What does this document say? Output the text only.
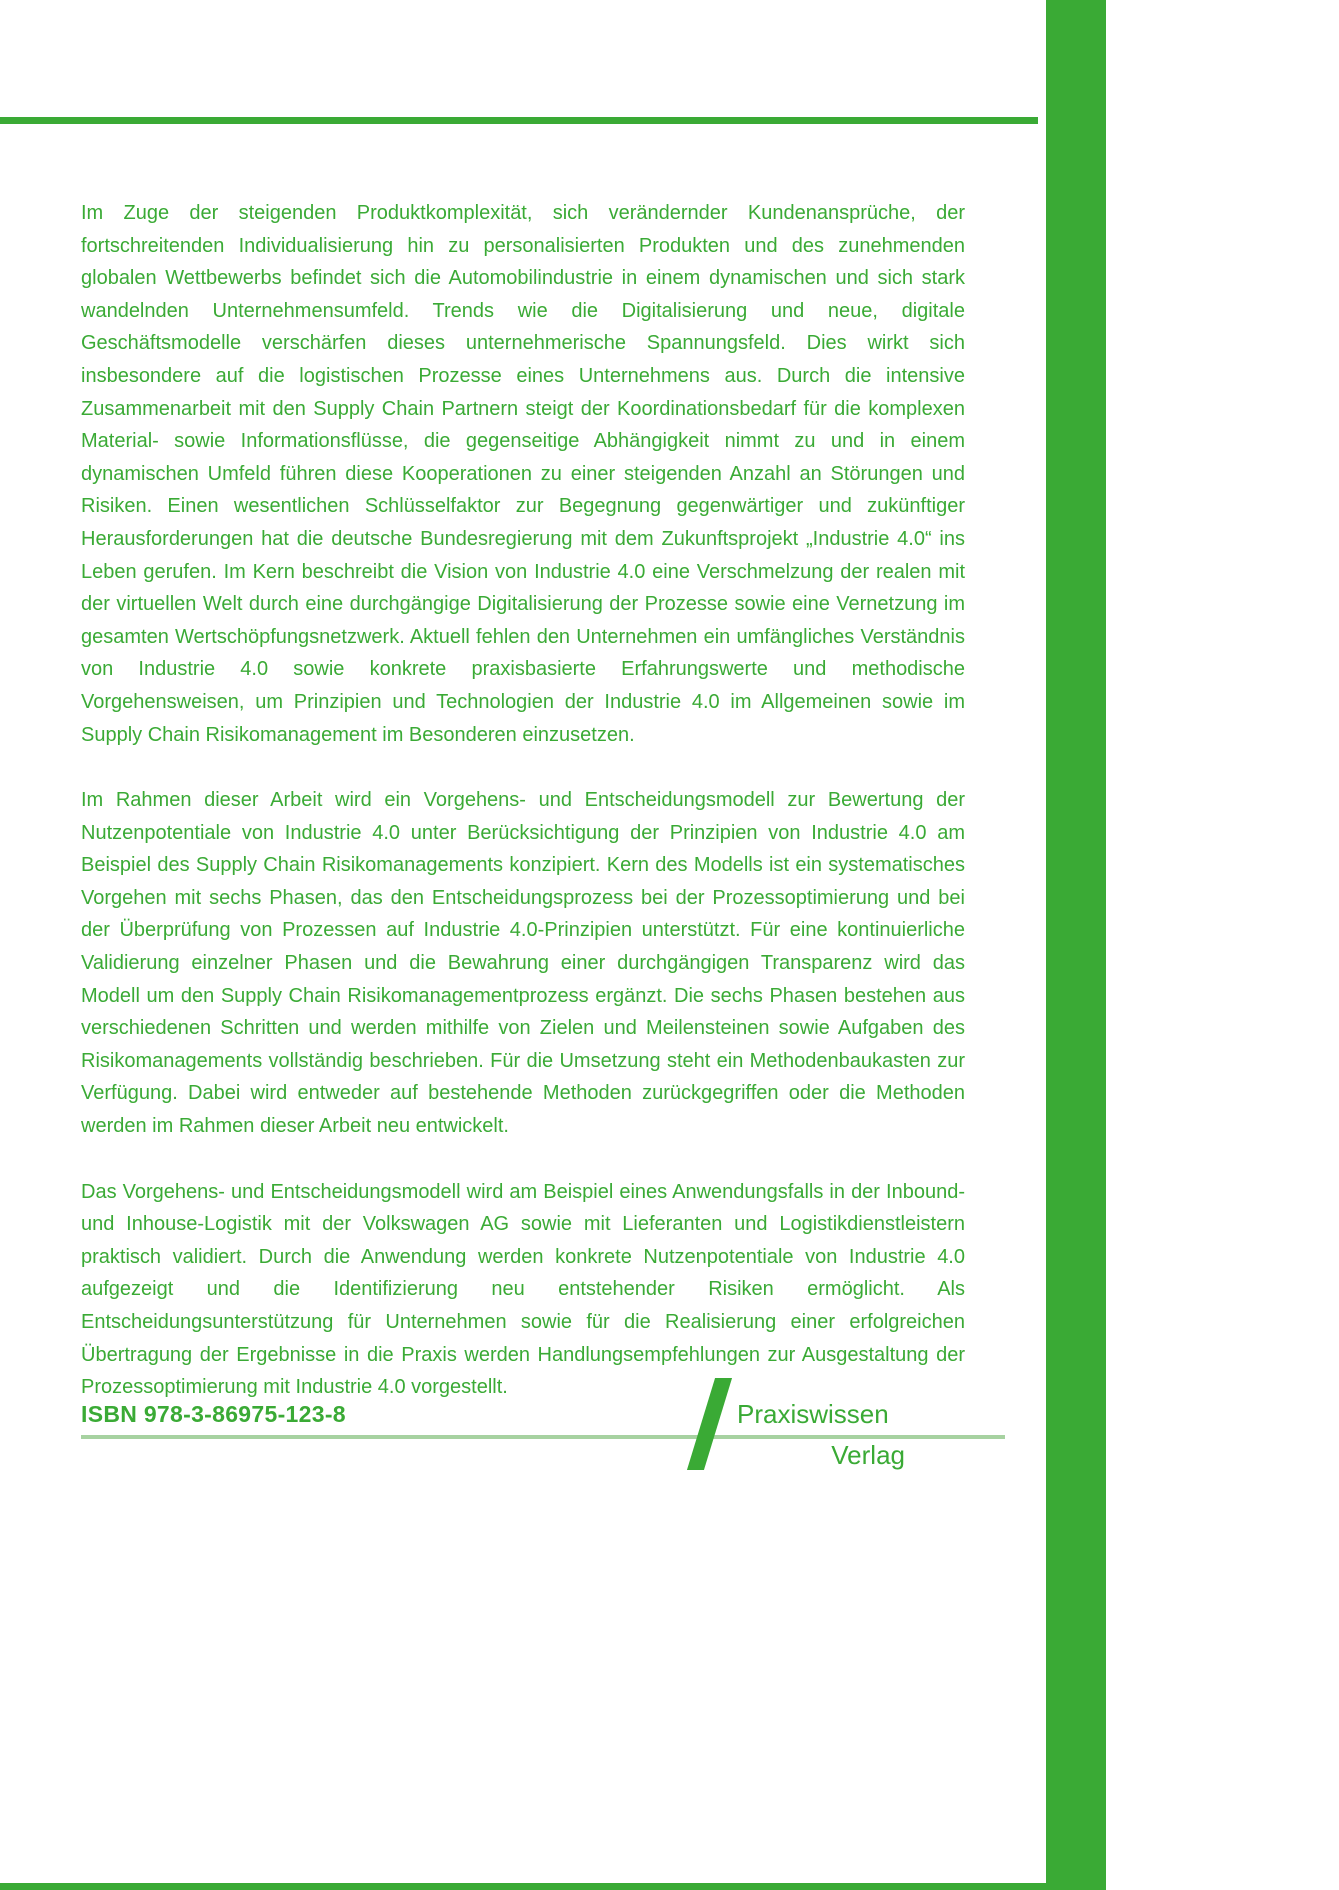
Im Zuge der steigenden Produktkomplexität, sich verändernder Kundenansprüche, der fortschreitenden Individualisierung hin zu personalisierten Produkten und des zunehmenden globalen Wettbewerbs befindet sich die Automobilindustrie in einem dynamischen und sich stark wandelnden Unternehmensumfeld. Trends wie die Digitalisierung und neue, digitale Geschäftsmodelle verschärfen dieses unternehmerische Spannungsfeld. Dies wirkt sich insbesondere auf die logistischen Prozesse eines Unternehmens aus. Durch die intensive Zusammenarbeit mit den Supply Chain Partnern steigt der Koordinationsbedarf für die komplexen Material- sowie Informationsflüsse, die gegenseitige Abhängigkeit nimmt zu und in einem dynamischen Umfeld führen diese Kooperationen zu einer steigenden Anzahl an Störungen und Risiken. Einen wesentlichen Schlüsselfaktor zur Begegnung gegenwärtiger und zukünftiger Herausforderungen hat die deutsche Bundesregierung mit dem Zukunftsprojekt „Industrie 4.0“ ins Leben gerufen. Im Kern beschreibt die Vision von Industrie 4.0 eine Verschmelzung der realen mit der virtuellen Welt durch eine durchgängige Digitalisierung der Prozesse sowie eine Vernetzung im gesamten Wertschöpfungsnetzwerk. Aktuell fehlen den Unternehmen ein umfängliches Verständnis von Industrie 4.0 sowie konkrete praxisbasierte Erfahrungswerte und methodische Vorgehensweisen, um Prinzipien und Technologien der Industrie 4.0 im Allgemeinen sowie im Supply Chain Risikomanagement im Besonderen einzusetzen.

Im Rahmen dieser Arbeit wird ein Vorgehens- und Entscheidungsmodell zur Bewertung der Nutzenpotentiale von Industrie 4.0 unter Berücksichtigung der Prinzipien von Industrie 4.0 am Beispiel des Supply Chain Risikomanagements konzipiert. Kern des Modells ist ein systematisches Vorgehen mit sechs Phasen, das den Entscheidungsprozess bei der Prozessoptimierung und bei der Überprüfung von Prozessen auf Industrie 4.0-Prinzipien unterstützt. Für eine kontinuierliche Validierung einzelner Phasen und die Bewahrung einer durchgängigen Transparenz wird das Modell um den Supply Chain Risikomanagementprozess ergänzt. Die sechs Phasen bestehen aus verschiedenen Schritten und werden mithilfe von Zielen und Meilensteinen sowie Aufgaben des Risikomanagements vollständig beschrieben. Für die Umsetzung steht ein Methodenbaukasten zur Verfügung. Dabei wird entweder auf bestehende Methoden zurückgegriffen oder die Methoden werden im Rahmen dieser Arbeit neu entwickelt.

Das Vorgehens- und Entscheidungsmodell wird am Beispiel eines Anwendungsfalls in der Inbound- und Inhouse-Logistik mit der Volkswagen AG sowie mit Lieferanten und Logistikdienstleistern praktisch validiert. Durch die Anwendung werden konkrete Nutzenpotentiale von Industrie 4.0 aufgezeigt und die Identifizierung neu entstehender Risiken ermöglicht. Als Entscheidungsunterstützung für Unternehmen sowie für die Realisierung einer erfolgreichen Übertragung der Ergebnisse in die Praxis werden Handlungsempfehlungen zur Ausgestaltung der Prozessoptimierung mit Industrie 4.0 vorgestellt.

ISBN 978-3-86975-123-8	Praxiswissen
Verlag
